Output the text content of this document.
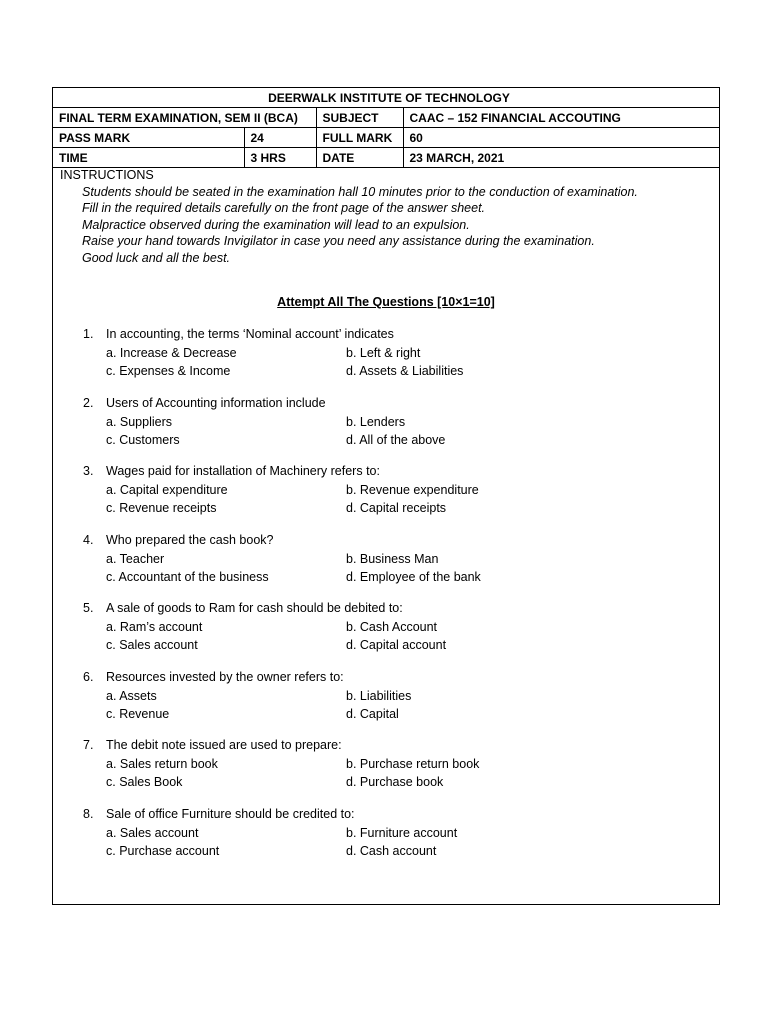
DEERWALK INSTITUTE OF TECHNOLOGY			
FINAL TERM EXAMINATION, SEM II (BCA)		SUBJECT	CAAC – 152 FINANCIAL ACCOUTING
PASS MARK	24	FULL MARK	60
TIME	3 HRS	DATE	23 MARCH, 2021
INSTRUCTIONS
Students should be seated in the examination hall 10 minutes prior to the conduction of examination.
Fill in the required details carefully on the front page of the answer sheet.
Malpractice observed during the examination will lead to an expulsion.
Raise your hand towards Invigilator in case you need any assistance during the examination.
Good luck and all the best.
Attempt All The Questions [10×1=10]
1. In accounting, the terms ‘Nominal account’ indicates
a. Increase & Decrease	b. Left & right
c. Expenses & Income	d. Assets & Liabilities
2. Users of Accounting information include
a. Suppliers	b. Lenders
c. Customers	d. All of the above
3. Wages paid for installation of Machinery refers to:
a. Capital expenditure	b. Revenue expenditure
c. Revenue receipts	d. Capital receipts
4. Who prepared the cash book?
a. Teacher	b. Business Man
c. Accountant of the business	d. Employee of the bank
5. A sale of goods to Ram for cash should be debited to:
a. Ram’s account	b. Cash Account
c. Sales account	d. Capital account
6. Resources invested by the owner refers to:
a. Assets	b. Liabilities
c. Revenue	d. Capital
7. The debit note issued are used to prepare:
a. Sales return book	b. Purchase return book
c. Sales Book	d. Purchase book
8. Sale of office Furniture should be credited to:
a. Sales account	b. Furniture account
c. Purchase account	d. Cash account
